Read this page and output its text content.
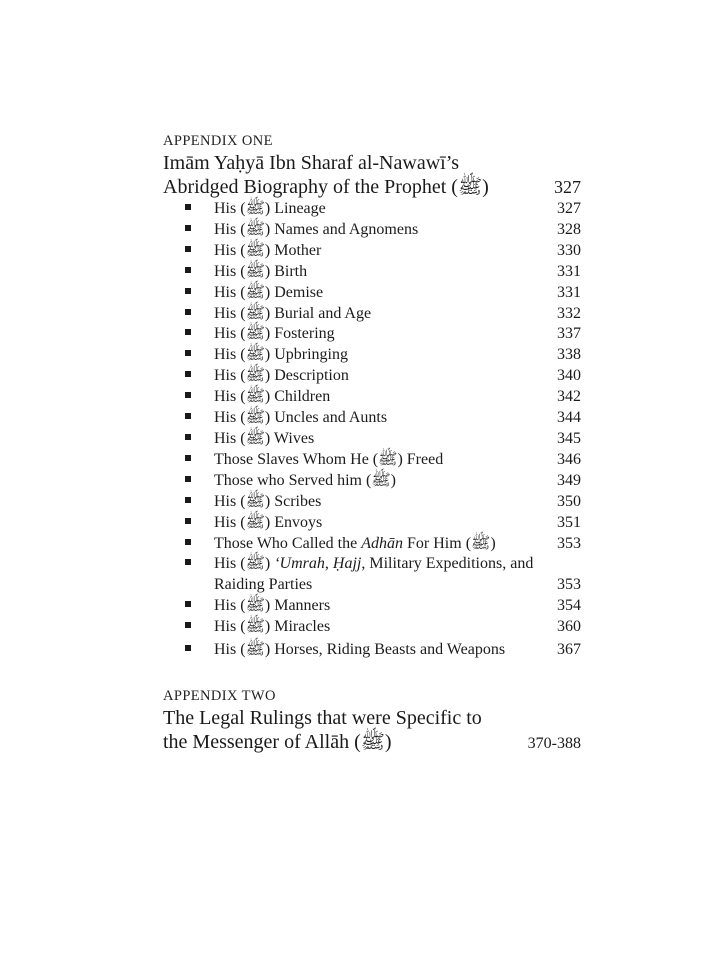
APPENDIX ONE
Imām Yaḥyā Ibn Sharaf al-Nawawī’s
Abridged Biography of the Prophet (ﷺ)	327
His (ﷺ) Lineage	327
His (ﷺ) Names and Agnomens	328
His (ﷺ) Mother	330
His (ﷺ) Birth	331
His (ﷺ) Demise	331
His (ﷺ) Burial and Age	332
His (ﷺ) Fostering	337
His (ﷺ) Upbringing	338
His (ﷺ) Description	340
His (ﷺ) Children	342
His (ﷺ) Uncles and Aunts	344
His (ﷺ) Wives	345
Those Slaves Whom He (ﷺ) Freed	346
Those who Served him (ﷺ)	349
His (ﷺ) Scribes	350
His (ﷺ) Envoys	351
Those Who Called the Adhān For Him (ﷺ)	353
His (ﷺ) ‘Umrah, Ḥajj, Military Expeditions, and
Raiding Parties	353
His (ﷺ) Manners	354
His (ﷺ) Miracles	360
His (ﷺ) Horses, Riding Beasts and Weapons	367
APPENDIX TWO
The Legal Rulings that were Specific to
the Messenger of Allāh (ﷺ)	370-388
